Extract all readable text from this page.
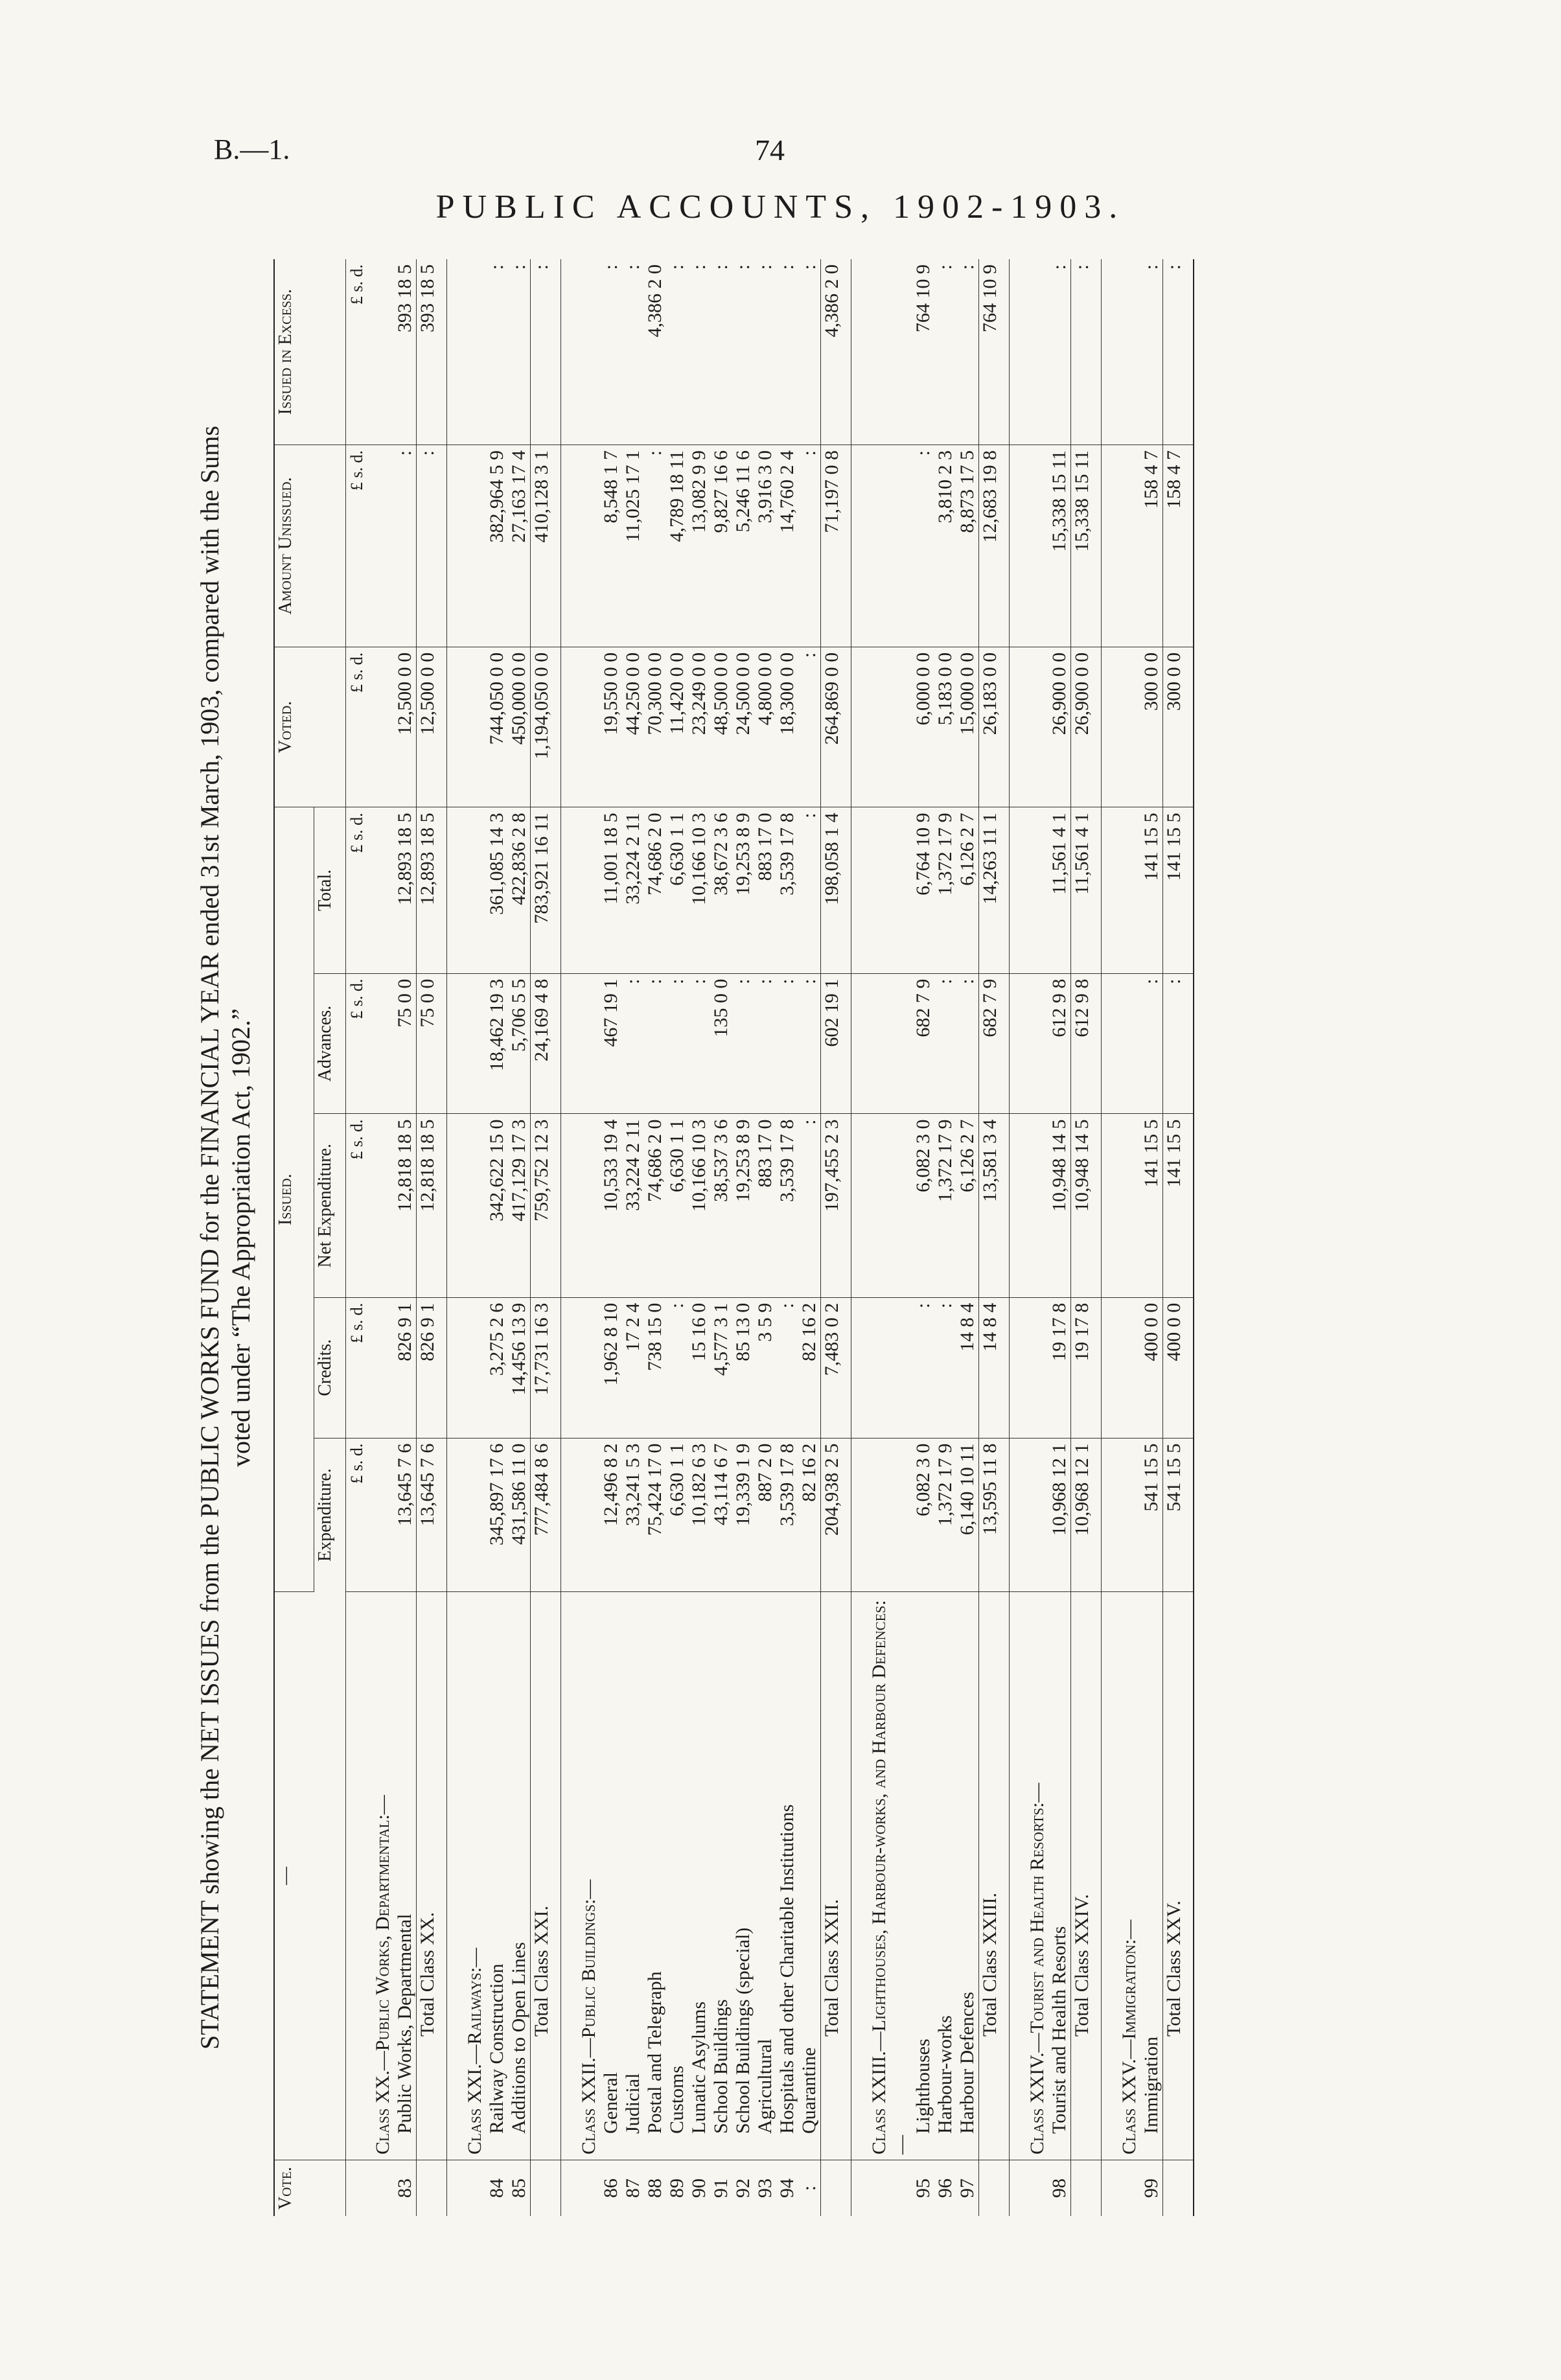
B.—1.	74
PUBLIC ACCOUNTS, 1902-1903.
STATEMENT showing the NET ISSUES from the PUBLIC WORKS FUND for the FINANCIAL YEAR ended 31st March, 1903, compared with the Sums voted under “The Appropriation Act, 1902.”
Vote.	—	Issued.					Voted.	Amount Unissued.	Issued in Excess.
		Expenditure.	Credits.	Net Expenditure.	Advances.	Total.			
		£ s. d.	£ s. d.	£ s. d.	£ s. d.	£ s. d.	£ s. d.	£ s. d.	£ s. d.
	Class XX.—Public Works, Departmental:—								
83	Public Works, Departmental	13,645 7 6	826 9 1	12,818 18 5	75 0 0	12,893 18 5	12,500 0 0	:	393 18 5
	Total Class XX.	13,645 7 6	826 9 1	12,818 18 5	75 0 0	12,893 18 5	12,500 0 0	:	393 18 5

	Class XXI.—Railways:—								
84	Railway Construction	345,897 17 6	3,275 2 6	342,622 15 0	18,462 19 3	361,085 14 3	744,050 0 0	382,964 5 9	:
85	Additions to Open Lines	431,586 11 0	14,456 13 9	417,129 17 3	5,706 5 5	422,836 2 8	450,000 0 0	27,163 17 4	:
	Total Class XXI.	777,484 8 6	17,731 16 3	759,752 12 3	24,169 4 8	783,921 16 11	1,194,050 0 0	410,128 3 1	:

	Class XXII.—Public Buildings:—								
86	General	12,496 8 2	1,962 8 10	10,533 19 4	467 19 1	11,001 18 5	19,550 0 0	8,548 1 7	:
87	Judicial	33,241 5 3	17 2 4	33,224 2 11	:	33,224 2 11	44,250 0 0	11,025 17 1	:
88	Postal and Telegraph	75,424 17 0	738 15 0	74,686 2 0	:	74,686 2 0	70,300 0 0	:	4,386 2 0
89	Customs	6,630 1 1	:	6,630 1 1	:	6,630 1 1	11,420 0 0	4,789 18 11	:
90	Lunatic Asylums	10,182 6 3	15 16 0	10,166 10 3	:	10,166 10 3	23,249 0 0	13,082 9 9	:
91	School Buildings	43,114 6 7	4,577 3 1	38,537 3 6	135 0 0	38,672 3 6	48,500 0 0	9,827 16 6	:
92	School Buildings (special)	19,339 1 9	85 13 0	19,253 8 9	:	19,253 8 9	24,500 0 0	5,246 11 6	:
93	Agricultural	887 2 0	3 5 9	883 17 0	:	883 17 0	4,800 0 0	3,916 3 0	:
94	Hospitals and other Charitable Institutions	3,539 17 8	:	3,539 17 8	:	3,539 17 8	18,300 0 0	14,760 2 4	:
:	Quarantine	82 16 2	82 16 2	:	:	:	:	:	:
	Total Class XXII.	204,938 2 5	7,483 0 2	197,455 2 3	602 19 1	198,058 1 4	264,869 0 0	71,197 0 8	4,386 2 0

	Class XXIII.—Lighthouses, Harbour-works, and Harbour Defences:—								
95	Lighthouses	6,082 3 0	:	6,082 3 0	682 7 9	6,764 10 9	6,000 0 0	:	764 10 9
96	Harbour-works	1,372 17 9	:	1,372 17 9	:	1,372 17 9	5,183 0 0	3,810 2 3	:
97	Harbour Defences	6,140 10 11	14 8 4	6,126 2 7	:	6,126 2 7	15,000 0 0	8,873 17 5	:
	Total Class XXIII.	13,595 11 8	14 8 4	13,581 3 4	682 7 9	14,263 11 1	26,183 0 0	12,683 19 8	764 10 9

	Class XXIV.—Tourist and Health Resorts:—								
98	Tourist and Health Resorts	10,968 12 1	19 17 8	10,948 14 5	612 9 8	11,561 4 1	26,900 0 0	15,338 15 11	:
	Total Class XXIV.	10,968 12 1	19 17 8	10,948 14 5	612 9 8	11,561 4 1	26,900 0 0	15,338 15 11	:

	Class XXV.—Immigration:—								
99	Immigration	541 15 5	400 0 0	141 15 5	:	141 15 5	300 0 0	158 4 7	:
	Total Class XXV.	541 15 5	400 0 0	141 15 5	:	141 15 5	300 0 0	158 4 7	:
